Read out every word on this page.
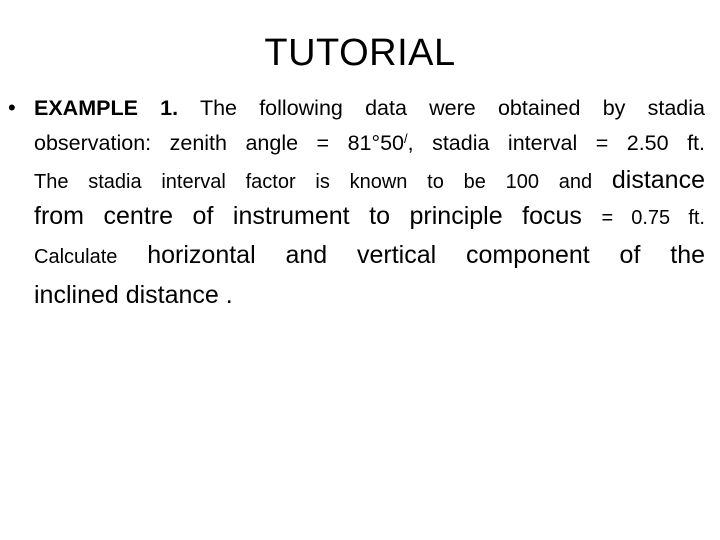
TUTORIAL
• EXAMPLE 1. The following data were obtained by stadia
observation: zenith angle = 81°50/, stadia interval = 2.50 ft.
The stadia interval factor is known to be 100 and distance
from centre of instrument to principle focus = 0.75 ft.
Calculate horizontal and vertical component of the
inclined distance .
